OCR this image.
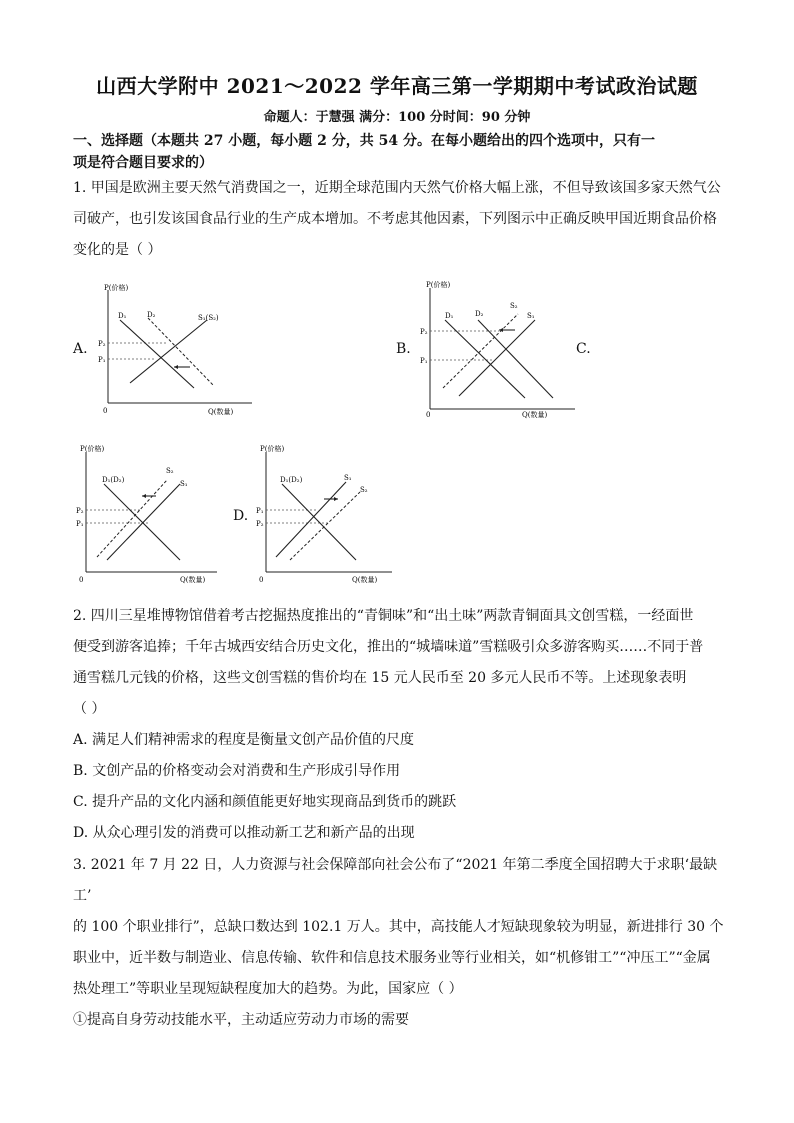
山西大学附中 2021～2022 学年高三第一学期期中考试政治试题
命题人：于慧强 满分：100 分时间：90 分钟
一、选择题（本题共 27 小题，每小题 2 分，共 54 分。在每小题给出的四个选项中，只有一
项是符合题目要求的）
1. 甲国是欧洲主要天然气消费国之一，近期全球范围内天然气价格大幅上涨，不但导致该国多家天然气公
司破产，也引发该国食品行业的生产成本增加。不考虑其他因素，下列图示中正确反映甲国近期食品价格
变化的是（ ）
A.
P(价格)
Q(数量)
0
P₂
P₁
D₁	D₂	S₁(S₂)
B.
P(价格)
Q(数量)
0
P₂
P₁
D₁	D₂
S₂
S₁
C.
P(价格)
Q(数量)
0
P₂
P₁
D₁(D₂)
S₂
S₁
D.
P(价格)
Q(数量)
0
P₁
P₂
D₁(D₂)	S₁
S₂
2. 四川三星堆博物馆借着考古挖掘热度推出的“青铜味”和“出土味”两款青铜面具文创雪糕，一经面世
便受到游客追捧；千年古城西安结合历史文化，推出的“城墙味道”雪糕吸引众多游客购买……不同于普
通雪糕几元钱的价格，这些文创雪糕的售价均在 15 元人民币至 20 多元人民币不等。上述现象表明
（ ）
A. 满足人们精神需求的程度是衡量文创产品价值的尺度
B. 文创产品的价格变动会对消费和生产形成引导作用
C. 提升产品的文化内涵和颜值能更好地实现商品到货币的跳跃
D. 从众心理引发的消费可以推动新工艺和新产品的出现
3. 2021 年 7 月 22 日，人力资源与社会保障部向社会公布了“2021 年第二季度全国招聘大于求职‘最缺工’
的 100 个职业排行”，总缺口数达到 102.1 万人。其中，高技能人才短缺现象较为明显，新进排行 30 个
职业中，近半数与制造业、信息传输、软件和信息技术服务业等行业相关，如“机修钳工”“冲压工”“金属
热处理工”等职业呈现短缺程度加大的趋势。为此，国家应（ ）
①提高自身劳动技能水平，主动适应劳动力市场的需要
